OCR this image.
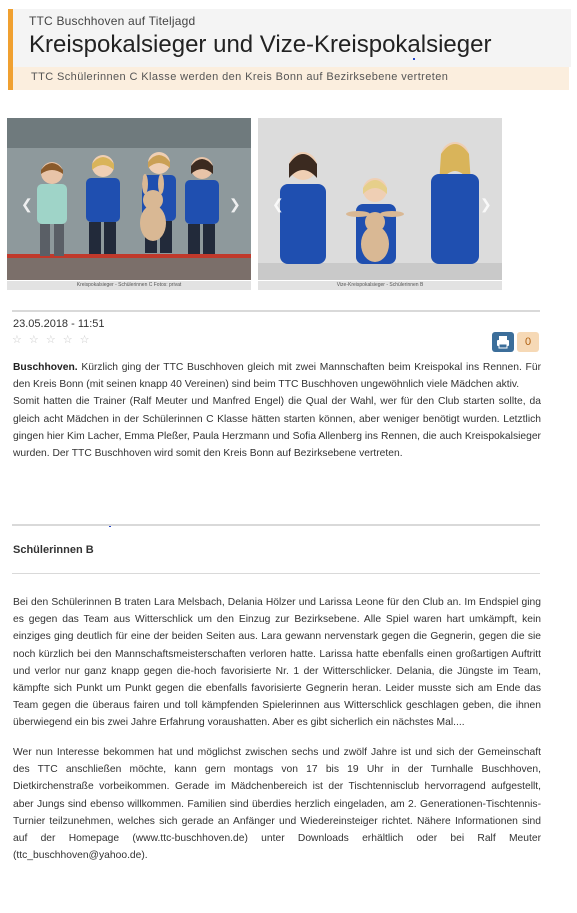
TTC Buschhoven auf Titeljagd
Kreispokalsieger und Vize-Kreispokalsieger
TTC Schülerinnen C Klasse werden den Kreis Bonn auf Bezirksebene vertreten
❮	❯
Kreispokalsieger - Schülerinnen C Fotos: privat
❮	❯
Vize-Kreispokalsieger - Schülerinnen B
23.05.2018 - 11:51
☆ ☆ ☆ ☆ ☆	0

Buschhoven. Kürzlich ging der TTC Buschhoven gleich mit zwei Mannschaften beim Kreispokal ins Rennen. Für den Kreis Bonn (mit seinen knapp 40 Vereinen) sind beim TTC Buschhoven ungewöhnlich viele Mädchen aktiv.

Somit hatten die Trainer (Ralf Meuter und Manfred Engel) die Qual der Wahl, wer für den Club starten sollte, da gleich acht Mädchen in der Schülerinnen C Klasse hätten starten können, aber weniger benötigt wurden. Letztlich gingen hier Kim Lacher, Emma Pleßer, Paula Herzmann und Sofia Allenberg ins Rennen, die auch Kreispokalsieger wurden. Der TTC Buschhoven wird somit den Kreis Bonn auf Bezirksebene vertreten.

Schülerinnen B

Bei den Schülerinnen B traten Lara Melsbach, Delania Hölzer und Larissa Leone für den Club an. Im Endspiel ging es gegen das Team aus Witterschlick um den Einzug zur Bezirksebene. Alle Spiel waren hart umkämpft, kein einziges ging deutlich für eine der beiden Seiten aus. Lara gewann nervenstark gegen die Gegnerin, gegen die sie noch kürzlich bei den Mannschaftsmeisterschaften verloren hatte. Larissa hatte ebenfalls einen großartigen Auftritt und verlor nur ganz knapp gegen die-hoch favorisierte Nr. 1 der Witterschlicker. Delania, die Jüngste im Team, kämpfte sich Punkt um Punkt gegen die ebenfalls favorisierte Gegnerin heran. Leider musste sich am Ende das Team gegen die überaus fairen und toll kämpfenden Spielerinnen aus Witterschlick geschlagen geben, die ihnen überwiegend ein bis zwei Jahre Erfahrung voraushatten. Aber es gibt sicherlich ein nächstes Mal....

Wer nun Interesse bekommen hat und möglichst zwischen sechs und zwölf Jahre ist und sich der Gemeinschaft des TTC anschließen möchte, kann gern montags von 17 bis 19 Uhr in der Turnhalle Buschhoven, Dietkirchenstraße vorbeikommen. Gerade im Mädchenbereich ist der Tischtennisclub hervorragend aufgestellt, aber Jungs sind ebenso willkommen. Familien sind überdies herzlich eingeladen, am 2. Generationen-Tischtennis-Turnier teilzunehmen, welches sich gerade an Anfänger und Wiedereinsteiger richtet. Nähere Informationen sind auf der Homepage (www.ttc-buschhoven.de) unter Downloads erhältlich oder bei Ralf Meuter (ttc_buschhoven@yahoo.de).
